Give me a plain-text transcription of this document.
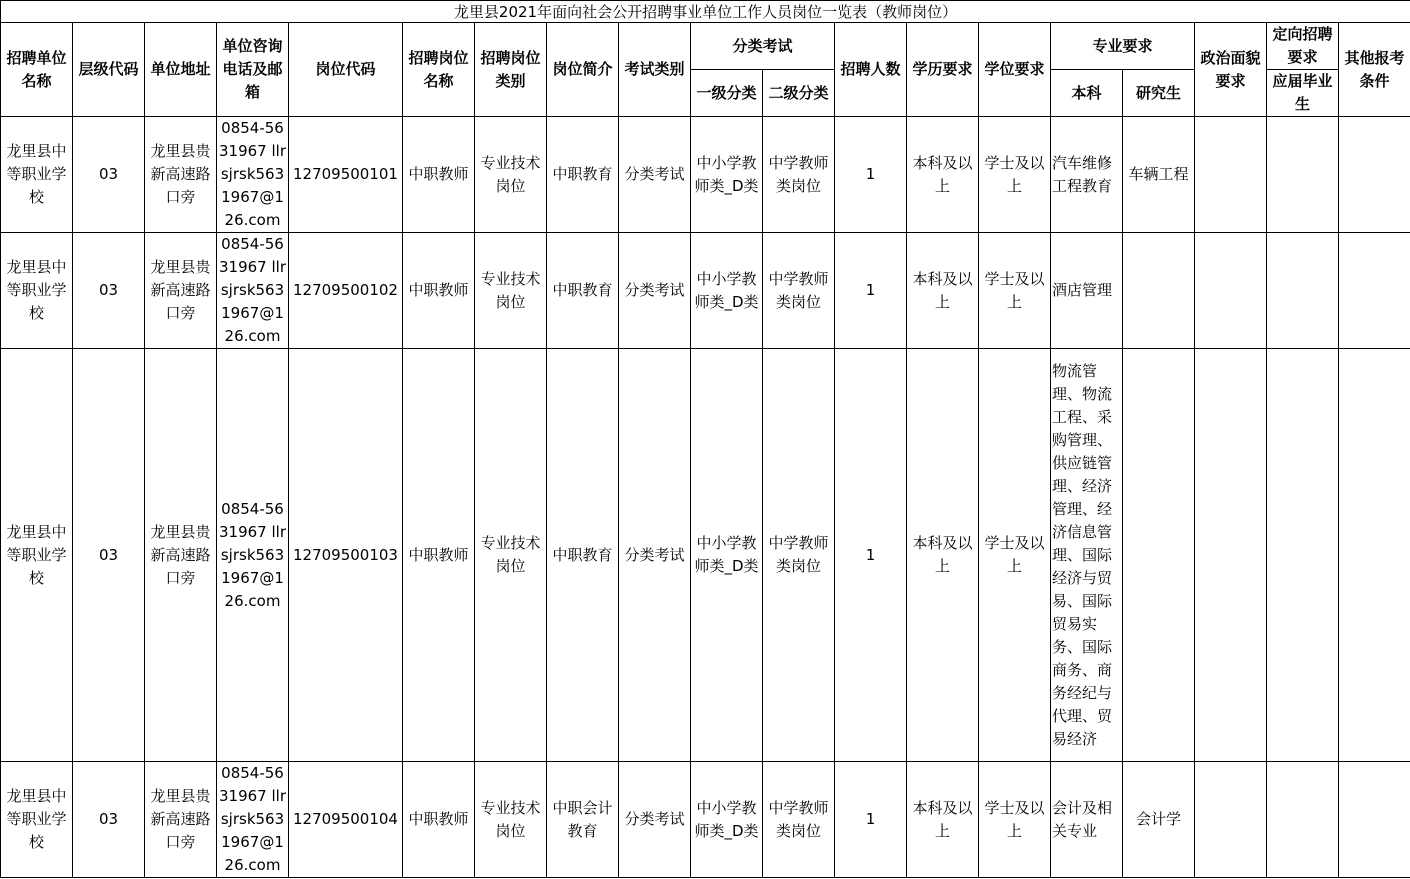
龙里县2021年面向社会公开招聘事业单位工作人员岗位一览表（教师岗位）																		
招聘单位名称	层级代码	单位地址	单位咨询电话及邮箱	岗位代码	招聘岗位名称	招聘岗位类别	岗位简介	考试类别	分类考试		招聘人数	学历要求	学位要求	专业要求		政治面貌要求	定向招聘要求	其他报考条件
									一级分类	二级分类				本科	研究生		应届毕业生	
龙里县中等职业学校	03	龙里县贵新高速路口旁	0854-5631967 llrsjrsk5631967@126.com	12709500101	中职教师	专业技术岗位	中职教育	分类考试	中小学教师类_D类	中学教师类岗位	1	本科及以上	学士及以上	汽车维修工程教育	车辆工程			
龙里县中等职业学校	03	龙里县贵新高速路口旁	0854-5631967 llrsjrsk5631967@126.com	12709500102	中职教师	专业技术岗位	中职教育	分类考试	中小学教师类_D类	中学教师类岗位	1	本科及以上	学士及以上	酒店管理				
龙里县中等职业学校	03	龙里县贵新高速路口旁	0854-5631967 llrsjrsk5631967@126.com	12709500103	中职教师	专业技术岗位	中职教育	分类考试	中小学教师类_D类	中学教师类岗位	1	本科及以上	学士及以上	物流管理、物流工程、采购管理、供应链管理、经济管理、经济信息管理、国际经济与贸易、国际贸易实务、国际商务、商务经纪与代理、贸易经济				
龙里县中等职业学校	03	龙里县贵新高速路口旁	0854-5631967 llrsjrsk5631967@126.com	12709500104	中职教师	专业技术岗位	中职会计教育	分类考试	中小学教师类_D类	中学教师类岗位	1	本科及以上	学士及以上	会计及相关专业	会计学			
